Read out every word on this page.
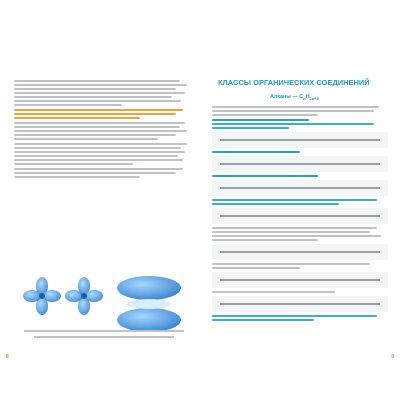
8
КЛАССЫ ОРГАНИЧЕСКИХ СОЕДИНЕНИЙ
Алканы — $C_nH_{2n+2}$
9
